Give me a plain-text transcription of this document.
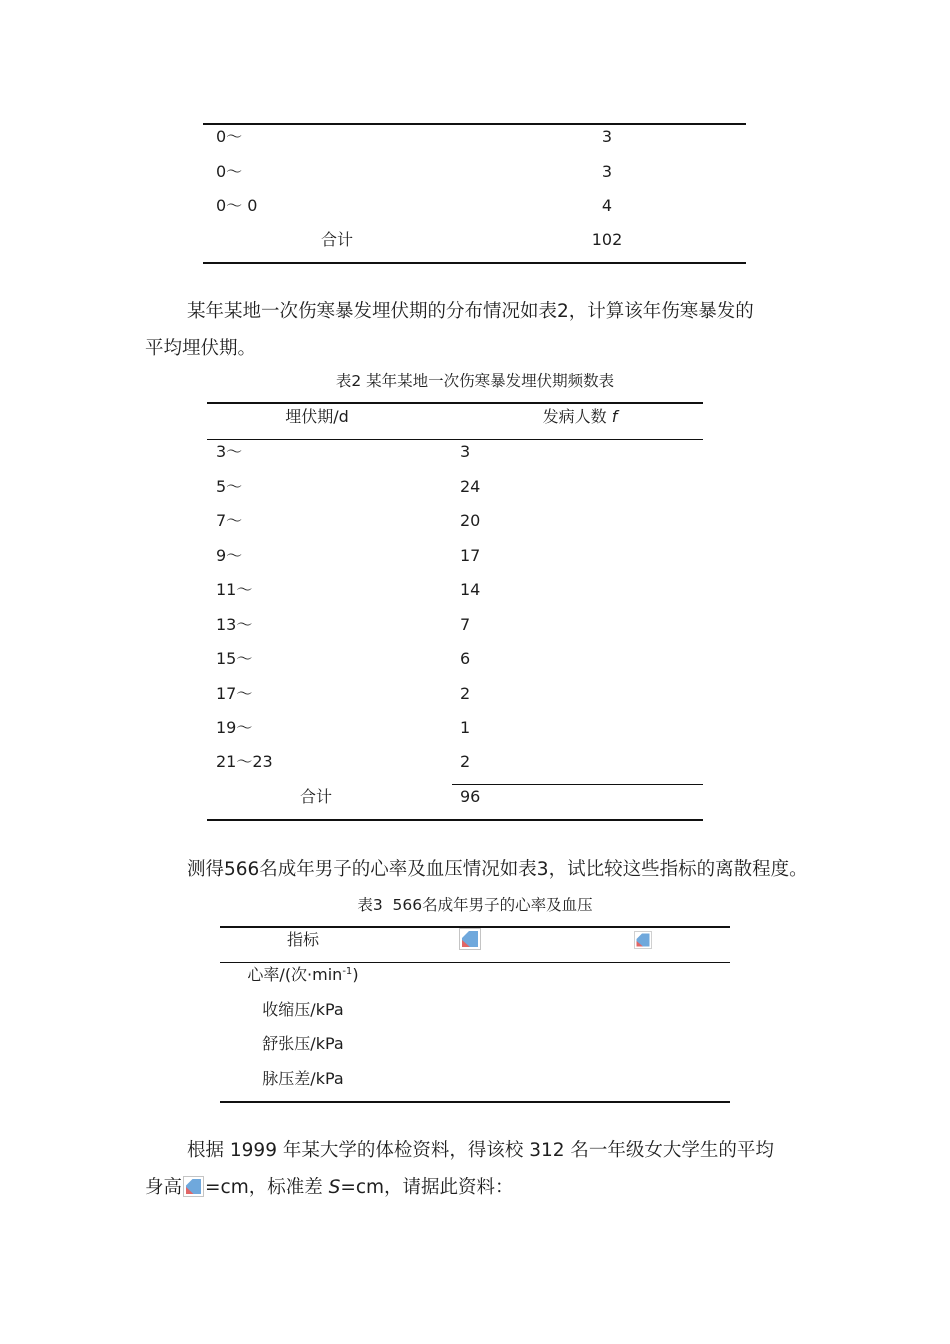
0～	3
0～	3
0～ 0	4
合计	102
某年某地一次伤寒暴发埋伏期的分布情况如表2，计算该年伤寒暴发的
平均埋伏期。
表2 某年某地一次伤寒暴发埋伏期频数表
埋伏期/d	发病人数 f
3～	3
5～	24
7～	20
9～	17
11～	14
13～	7
15～	6
17～	2
19～	1
21～23	2
合计	96
测得566名成年男子的心率及血压情况如表3，试比较这些指标的离散程度。
表3  566名成年男子的心率及血压
指标
心率/(次$\cdot\min^{-1}$)
收缩压/kPa
舒张压/kPa
脉压差/kPa
根据 1999 年某大学的体检资料，得该校 312 名一年级女大学生的平均
身高 =cm，标准差 S=cm，请据此资料：
